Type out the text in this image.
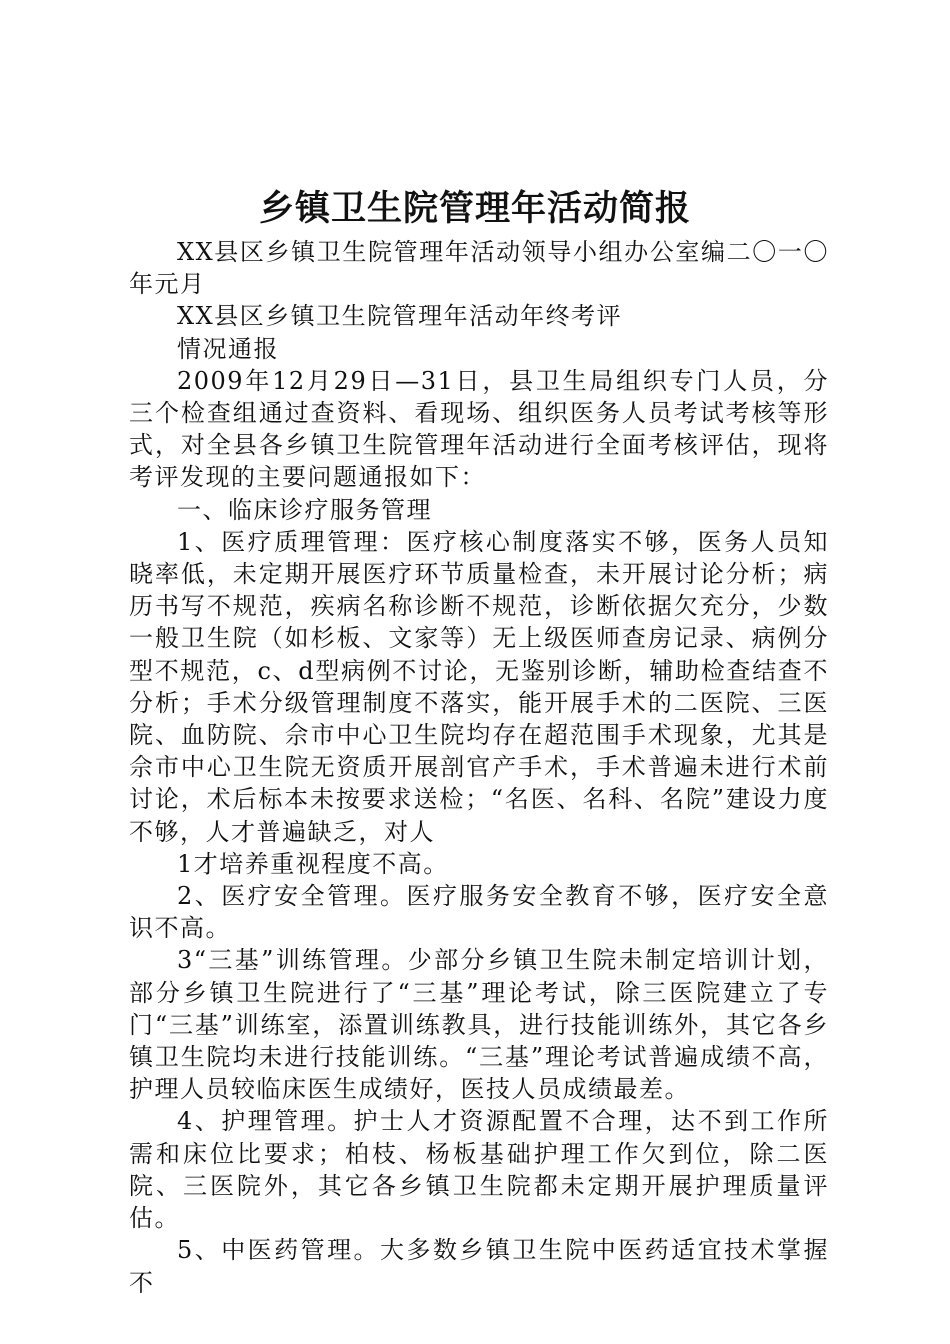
乡镇卫生院管理年活动简报

XX县区乡镇卫生院管理年活动领导小组办公室编二〇一〇年元月

XX县区乡镇卫生院管理年活动年终考评

情况通报

2009年12月29日—31日，县卫生局组织专门人员，分三个检查组通过查资料、看现场、组织医务人员考试考核等形式，对全县各乡镇卫生院管理年活动进行全面考核评估，现将考评发现的主要问题通报如下：

一、临床诊疗服务管理

1、医疗质理管理：医疗核心制度落实不够，医务人员知晓率低，未定期开展医疗环节质量检查，未开展讨论分析；病历书写不规范，疾病名称诊断不规范，诊断依据欠充分，少数一般卫生院（如杉板、文家等）无上级医师查房记录、病例分型不规范，c、d型病例不讨论，无鉴别诊断，辅助检查结查不分析；手术分级管理制度不落实，能开展手术的二医院、三医院、血防院、佘市中心卫生院均存在超范围手术现象，尤其是佘市中心卫生院无资质开展剖官产手术，手术普遍未进行术前讨论，术后标本未按要求送检；“名医、名科、名院”建设力度不够，人才普遍缺乏，对人

1才培养重视程度不高。

2、医疗安全管理。医疗服务安全教育不够，医疗安全意识不高。

3“三基”训练管理。少部分乡镇卫生院未制定培训计划，部分乡镇卫生院进行了“三基”理论考试，除三医院建立了专门“三基”训练室，添置训练教具，进行技能训练外，其它各乡镇卫生院均未进行技能训练。“三基”理论考试普遍成绩不高，护理人员较临床医生成绩好，医技人员成绩最差。

4、护理管理。护士人才资源配置不合理，达不到工作所需和床位比要求；柏枝、杨板基础护理工作欠到位，除二医院、三医院外，其它各乡镇卫生院都未定期开展护理质量评估。

5、中医药管理。大多数乡镇卫生院中医药适宜技术掌握不
